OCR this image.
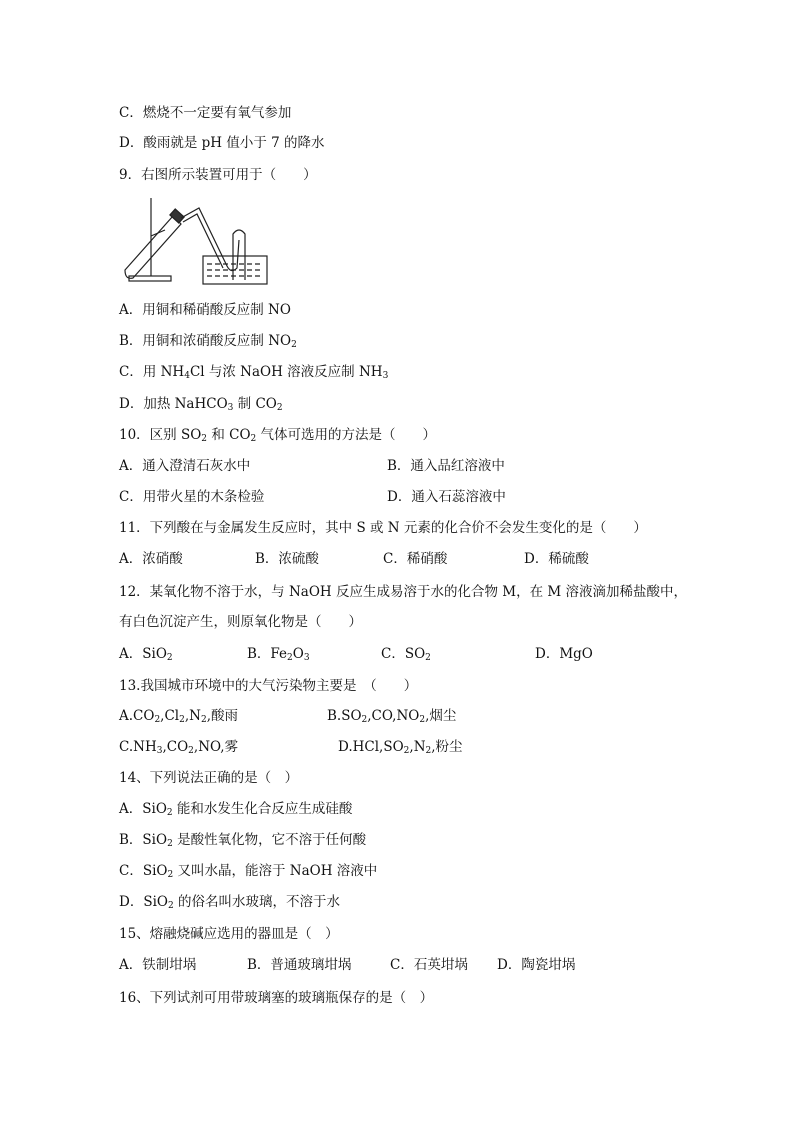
C．燃烧不一定要有氧气参加
D．酸雨就是 pH 值小于 7 的降水
9．右图所示装置可用于（　　）
A．用铜和稀硝酸反应制 NO
B．用铜和浓硝酸反应制 $NO_2$
C．用 $NH_4Cl$ 与浓 NaOH 溶液反应制 $NH_3$
D．加热 NaHCO$_3$ 制 $CO_2$
10．区别 $SO_2$ 和 $CO_2$ 气体可选用的方法是（　　）
A．通入澄清石灰水中	B．通入品红溶液中
C．用带火星的木条检验	D．通入石蕊溶液中
11．下列酸在与金属发生反应时，其中 S 或 N 元素的化合价不会发生变化的是（　　）
A．浓硝酸	B．浓硫酸	C．稀硝酸	D．稀硫酸
12．某氧化物不溶于水，与 NaOH 反应生成易溶于水的化合物 M，在 M 溶液滴加稀盐酸中，
有白色沉淀产生，则原氧化物是（　　）
A．SiO$_2$	B．$Fe_2O_3$	C．$SO_2$	D．MgO
13.我国城市环境中的大气污染物主要是　（　　）
$A.CO_2,Cl_2,N_2$,酸雨	$B.SO_2,CO,NO_2$,烟尘
$C.NH_3,CO_2,NO$,雾	$D.HCl,SO_2,N_2$,粉尘
14、下列说法正确的是（　）
A．SiO$_2$ 能和水发生化合反应生成硅酸
B．SiO$_2$ 是酸性氧化物，它不溶于任何酸
C．SiO$_2$ 又叫水晶，能溶于 NaOH 溶液中
D．SiO$_2$ 的俗名叫水玻璃，不溶于水
15、熔融烧碱应选用的器皿是（　）
A．铁制坩埚	B．普通玻璃坩埚	C．石英坩埚 D．陶瓷坩埚
16、下列试剂可用带玻璃塞的玻璃瓶保存的是（　）
